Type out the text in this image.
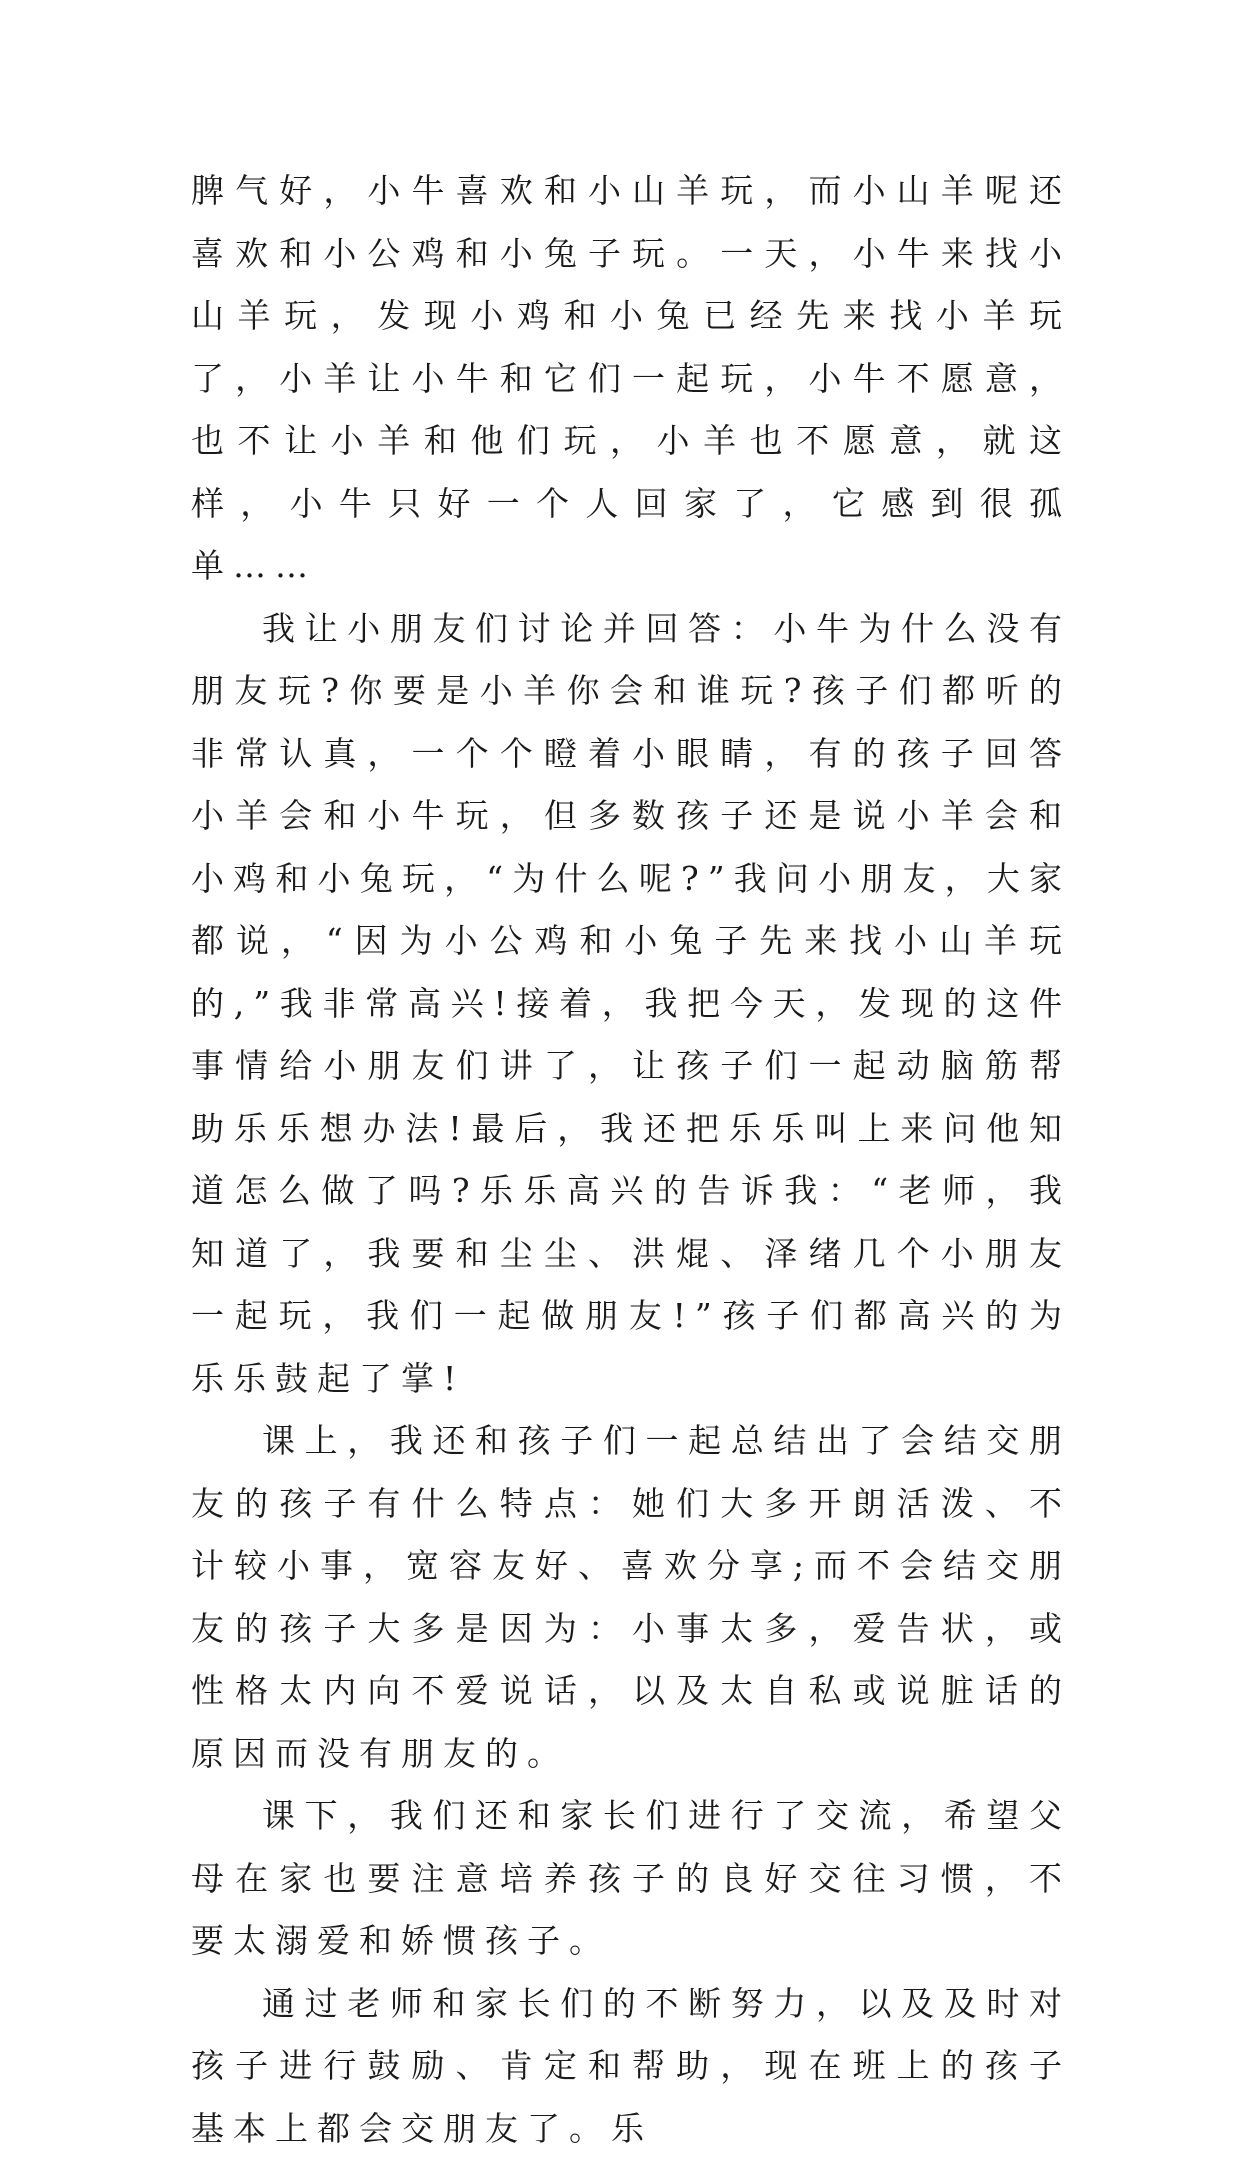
脾气好，小牛喜欢和小山羊玩，而小山羊呢还喜欢和小公鸡和小兔子玩。一天，小牛来找小山羊玩，发现小鸡和小兔已经先来找小羊玩了，小羊让小牛和它们一起玩，小牛不愿意，也不让小羊和他们玩，小羊也不愿意，就这样，小牛只好一个人回家了，它感到很孤单……

我让小朋友们讨论并回答：小牛为什么没有朋友玩?你要是小羊你会和谁玩?孩子们都听的非常认真，一个个瞪着小眼睛，有的孩子回答小羊会和小牛玩，但多数孩子还是说小羊会和小鸡和小兔玩，“为什么呢?”我问小朋友，大家都说，“因为小公鸡和小兔子先来找小山羊玩的,”我非常高兴!接着，我把今天，发现的这件事情给小朋友们讲了，让孩子们一起动脑筋帮助乐乐想办法!最后，我还把乐乐叫上来问他知道怎么做了吗?乐乐高兴的告诉我：“老师，我知道了，我要和尘尘、洪焜、泽绪几个小朋友一起玩，我们一起做朋友!”孩子们都高兴的为乐乐鼓起了掌!

课上，我还和孩子们一起总结出了会结交朋友的孩子有什么特点：她们大多开朗活泼、不计较小事，宽容友好、喜欢分享;而不会结交朋友的孩子大多是因为：小事太多，爱告状，或性格太内向不爱说话，以及太自私或说脏话的原因而没有朋友的。

课下，我们还和家长们进行了交流，希望父母在家也要注意培养孩子的良好交往习惯，不要太溺爱和娇惯孩子。

通过老师和家长们的不断努力，以及及时对孩子进行鼓励、肯定和帮助，现在班上的孩子基本上都会交朋友了。乐
